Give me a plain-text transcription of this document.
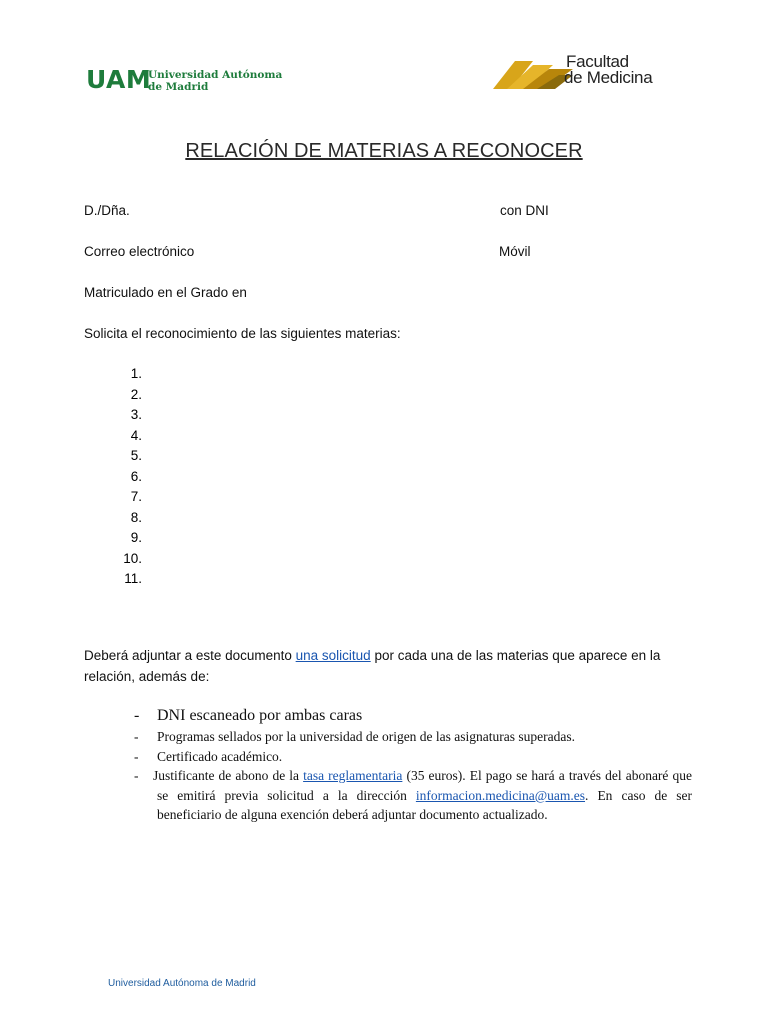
UAM
Universidad Autónoma
de Madrid
Facultad
de Medicina
RELACIÓN DE MATERIAS A RECONOCER
D./Dña.	con DNI
Correo electrónico	Móvil
Matriculado en el Grado en
Solicita el reconocimiento de las siguientes materias:
1.
2.
3.
4.
5.
6.
7.
8.
9.
10.
11.
Deberá adjuntar a este documento una solicitud por cada una de las materias que aparece en la relación, además de:
- DNI escaneado por ambas caras
- Programas sellados por la universidad de origen de las asignaturas superadas.
- Certificado académico.
- Justificante de abono de la tasa reglamentaria (35 euros). El pago se hará a través del abonaré que se emitirá previa solicitud a la dirección informacion.medicina@uam.es. En caso de ser beneficiario de alguna exención deberá adjuntar documento actualizado.
Universidad Autónoma de Madrid
